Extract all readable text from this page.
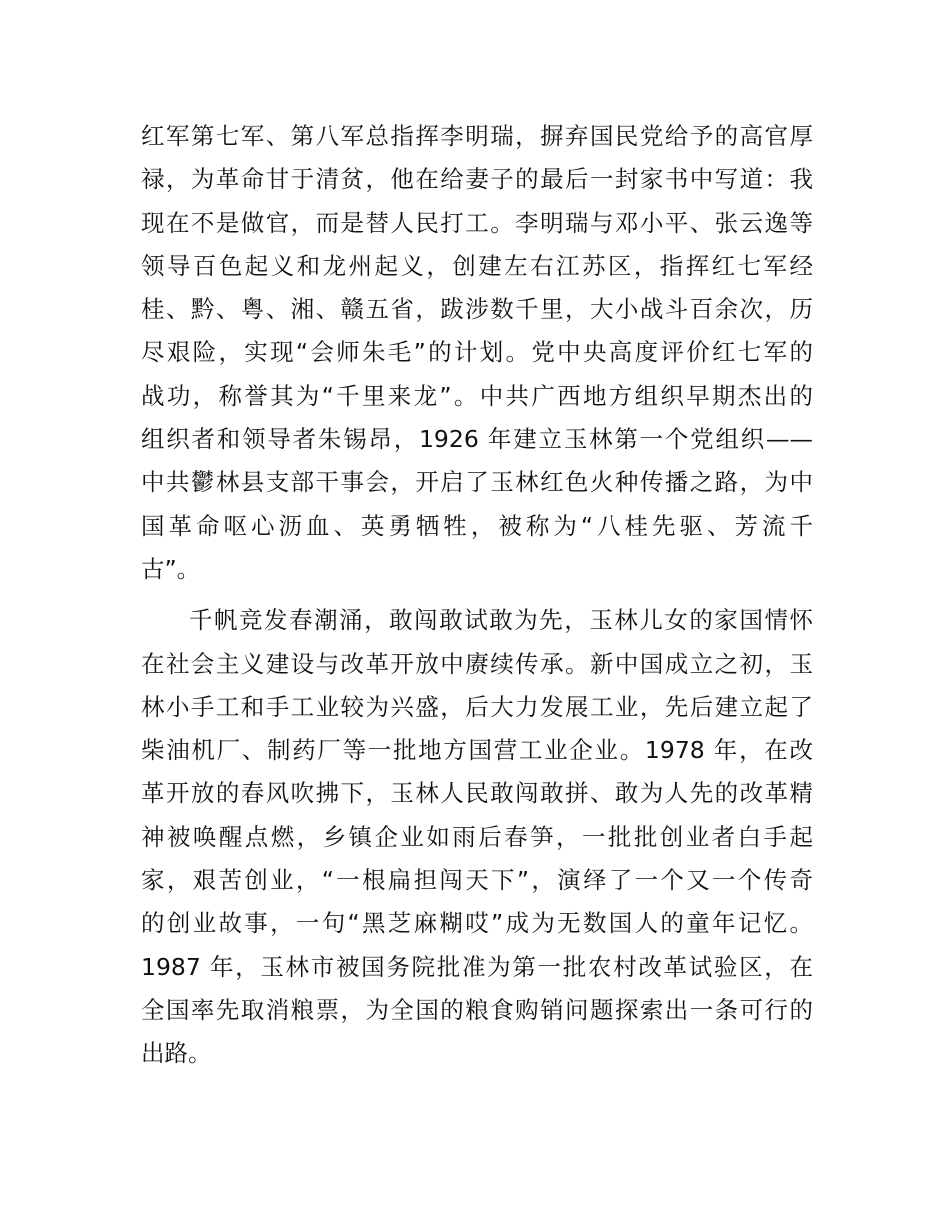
红军第七军、第八军总指挥李明瑞，摒弃国民党给予的高官厚
禄，为革命甘于清贫，他在给妻子的最后一封家书中写道：我
现在不是做官，而是替人民打工。李明瑞与邓小平、张云逸等
领导百色起义和龙州起义，创建左右江苏区，指挥红七军经
桂、黔、粤、湘、赣五省，跋涉数千里，大小战斗百余次，历
尽艰险，实现“会师朱毛”的计划。党中央高度评价红七军的
战功，称誉其为“千里来龙”。中共广西地方组织早期杰出的
组织者和领导者朱锡昂，1926 年建立玉林第一个党组织——
中共鬱林县支部干事会，开启了玉林红色火种传播之路，为中
国革命呕心沥血、英勇牺牲，被称为“八桂先驱、芳流千
古”。
千帆竞发春潮涌，敢闯敢试敢为先，玉林儿女的家国情怀
在社会主义建设与改革开放中赓续传承。新中国成立之初，玉
林小手工和手工业较为兴盛，后大力发展工业，先后建立起了
柴油机厂、制药厂等一批地方国营工业企业。1978 年，在改
革开放的春风吹拂下，玉林人民敢闯敢拼、敢为人先的改革精
神被唤醒点燃，乡镇企业如雨后春笋，一批批创业者白手起
家，艰苦创业，“一根扁担闯天下”，演绎了一个又一个传奇
的创业故事，一句“黑芝麻糊哎”成为无数国人的童年记忆。
1987 年，玉林市被国务院批准为第一批农村改革试验区，在
全国率先取消粮票，为全国的粮食购销问题探索出一条可行的
出路。
